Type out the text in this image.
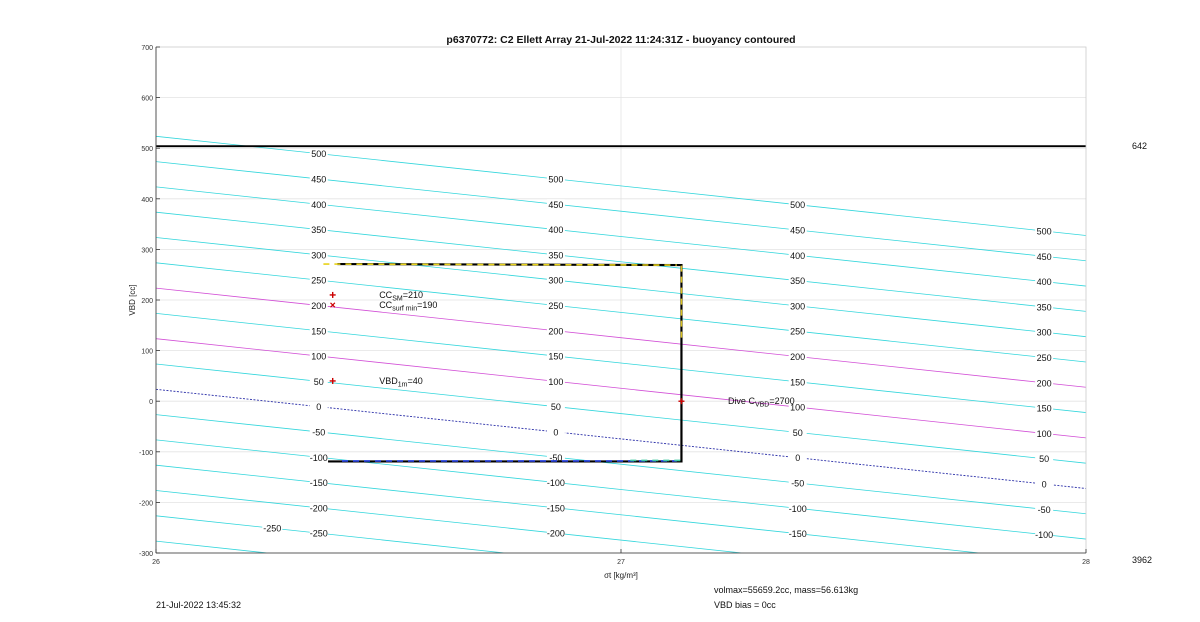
-250
-200
-150
-100
-50
0
50
100
150
200
250
300
350
400
450
500
-200
-150
-100
-50
0
50
100
150
200
250
300
350
400
450
500
-150
-100
-50
0
50
100
150
200
250
300
350
400
450
500
-100
-50
0
50
100
150
200
250
300
350
400
450
500
-250
$CC_{SM}=210$
$CC_{surf min}=190$
$VBD_{1m}=40$
Dive $C_{VBD}=2700$
-300
-200
-100
0
100
200
300
400
500
600
700
26	27	28
p6370772: C2 Ellett Array 21-Jul-2022 11:24:31Z - buoyancy contoured
VBD [cc]
σt [kg/m³]
642
3962
21-Jul-2022 13:45:32
volmax=55659.2cc, mass=56.613kg
VBD bias = 0cc
